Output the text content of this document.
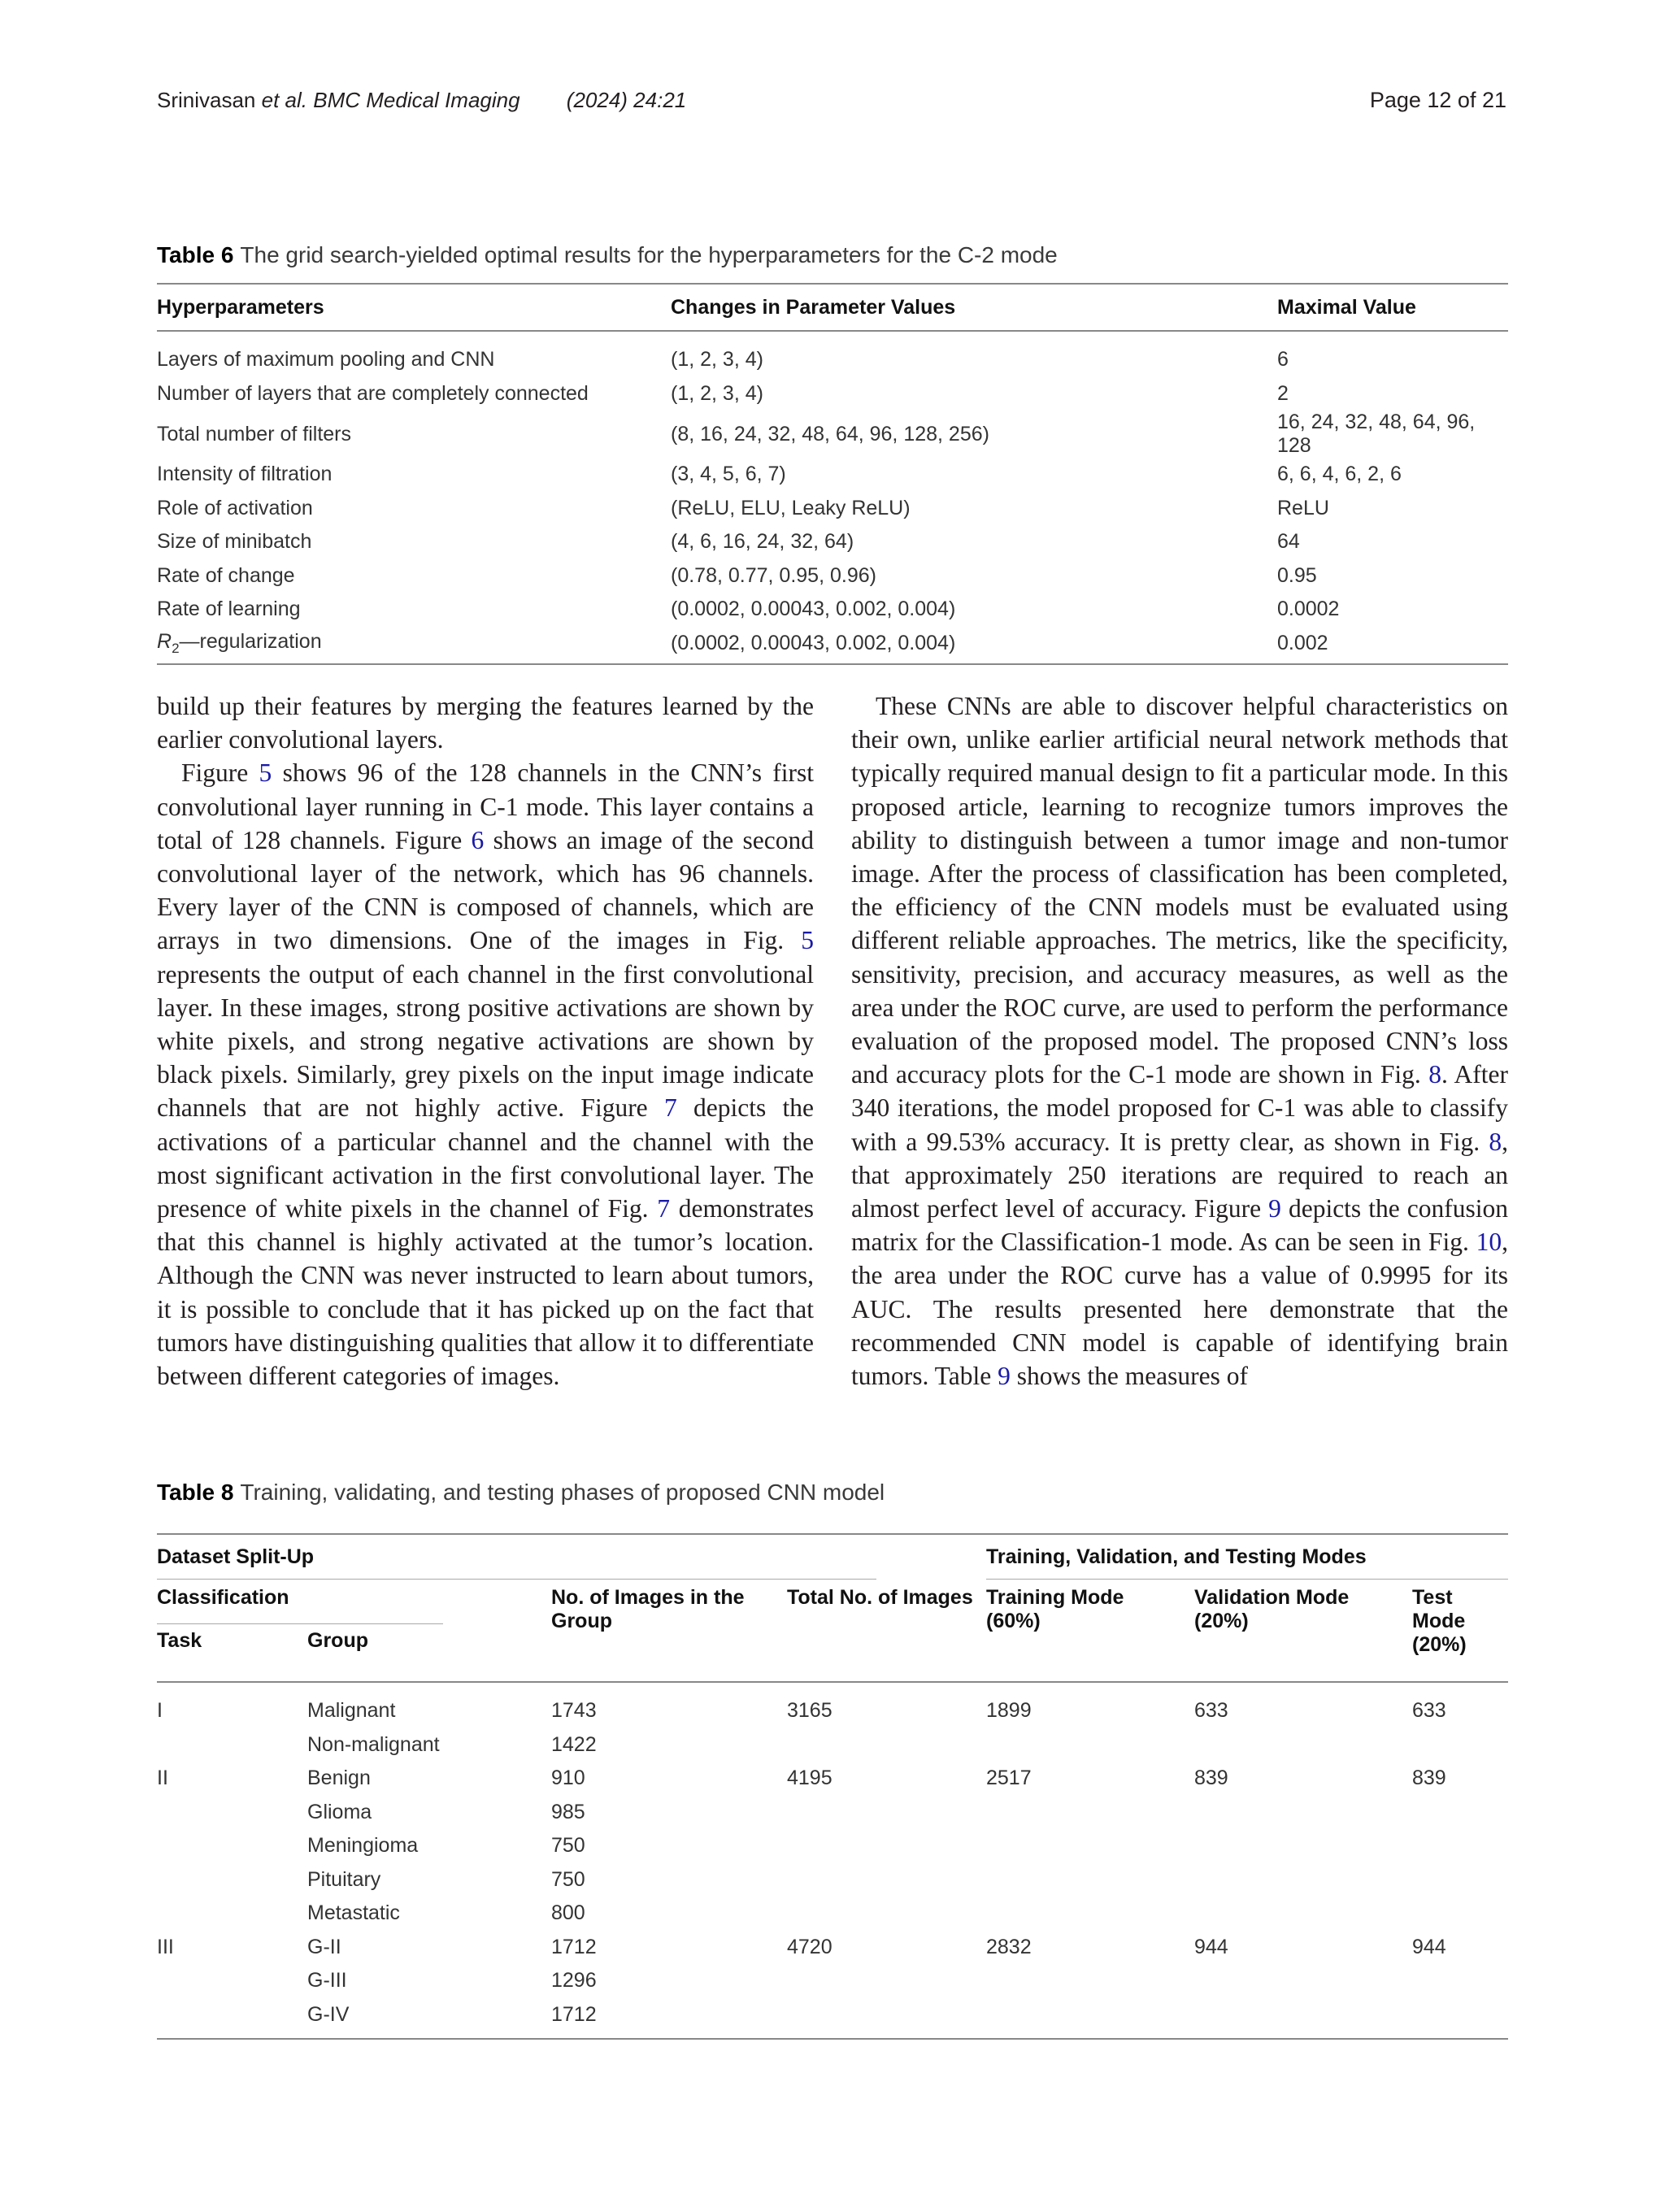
Srinivasan et al. BMC Medical Imaging (2024) 24:21	Page 12 of 21
Table 6 The grid search-yielded optimal results for the hyperparameters for the C-2 mode
Hyperparameters	Changes in Parameter Values	Maximal Value
Layers of maximum pooling and CNN	(1, 2, 3, 4)	6
Number of layers that are completely connected	(1, 2, 3, 4)	2
Total number of filters	(8, 16, 24, 32, 48, 64, 96, 128, 256)	16, 24, 32, 48, 64, 96, 128
Intensity of filtration	(3, 4, 5, 6, 7)	6, 6, 4, 6, 2, 6
Role of activation	(ReLU, ELU, Leaky ReLU)	ReLU
Size of minibatch	(4, 6, 16, 24, 32, 64)	64
Rate of change	(0.78, 0.77, 0.95, 0.96)	0.95
Rate of learning	(0.0002, 0.00043, 0.002, 0.004)	0.0002
$R_2—regularization$	(0.0002, 0.00043, 0.002, 0.004)	0.002

build up their features by merging the features learned by the earlier convolutional layers.

Figure 5 shows 96 of the 128 channels in the CNN’s first convolutional layer running in C-1 mode. This layer contains a total of 128 channels. Figure 6 shows an image of the second convolutional layer of the network, which has 96 channels. Every layer of the CNN is composed of channels, which are arrays in two dimensions. One of the images in Fig. 5 represents the output of each channel in the first convolutional layer. In these images, strong positive activations are shown by white pixels, and strong negative activations are shown by black pixels. Similarly, grey pixels on the input image indicate channels that are not highly active. Figure 7 depicts the activations of a particular channel and the channel with the most significant activation in the first convolutional layer. The presence of white pixels in the channel of Fig. 7 demonstrates that this channel is highly activated at the tumor’s location. Although the CNN was never instructed to learn about tumors, it is possible to conclude that it has picked up on the fact that tumors have distinguishing qualities that allow it to differentiate between different categories of images.

These CNNs are able to discover helpful characteristics on their own, unlike earlier artificial neural network methods that typically required manual design to fit a particular mode. In this proposed article, learning to recognize tumors improves the ability to distinguish between a tumor image and non-tumor image. After the process of classification has been completed, the efficiency of the CNN models must be evaluated using different reliable approaches. The metrics, like the specificity, sensitivity, precision, and accuracy measures, as well as the area under the ROC curve, are used to perform the performance evaluation of the proposed model. The proposed CNN’s loss and accuracy plots for the C-1 mode are shown in Fig. 8. After 340 iterations, the model proposed for C-1 was able to classify with a 99.53% accuracy. It is pretty clear, as shown in Fig. 8, that approximately 250 iterations are required to reach an almost perfect level of accuracy. Figure 9 depicts the confusion matrix for the Classification-1 mode. As can be seen in Fig. 10, the area under the ROC curve has a value of 0.9995 for its AUC. The results presented here demonstrate that the recommended CNN model is capable of identifying brain tumors. Table 9 shows the measures of

Table 8 Training, validating, and testing phases of proposed CNN model
Dataset Split-Up				Training, Validation, and Testing Modes		

Classification		No. of Images in the Group	Total No. of Images	Training Mode (60%)	Validation Mode (20%)	Test Mode (20%)
Task	Group					
I	Malignant	1743	3165	1899	633	633
	Non-malignant	1422				
II	Benign	910	4195	2517	839	839
	Glioma	985				
	Meningioma	750				
	Pituitary	750				
	Metastatic	800				
III	G-II	1712	4720	2832	944	944
	G-III	1296				
	G-IV	1712				
